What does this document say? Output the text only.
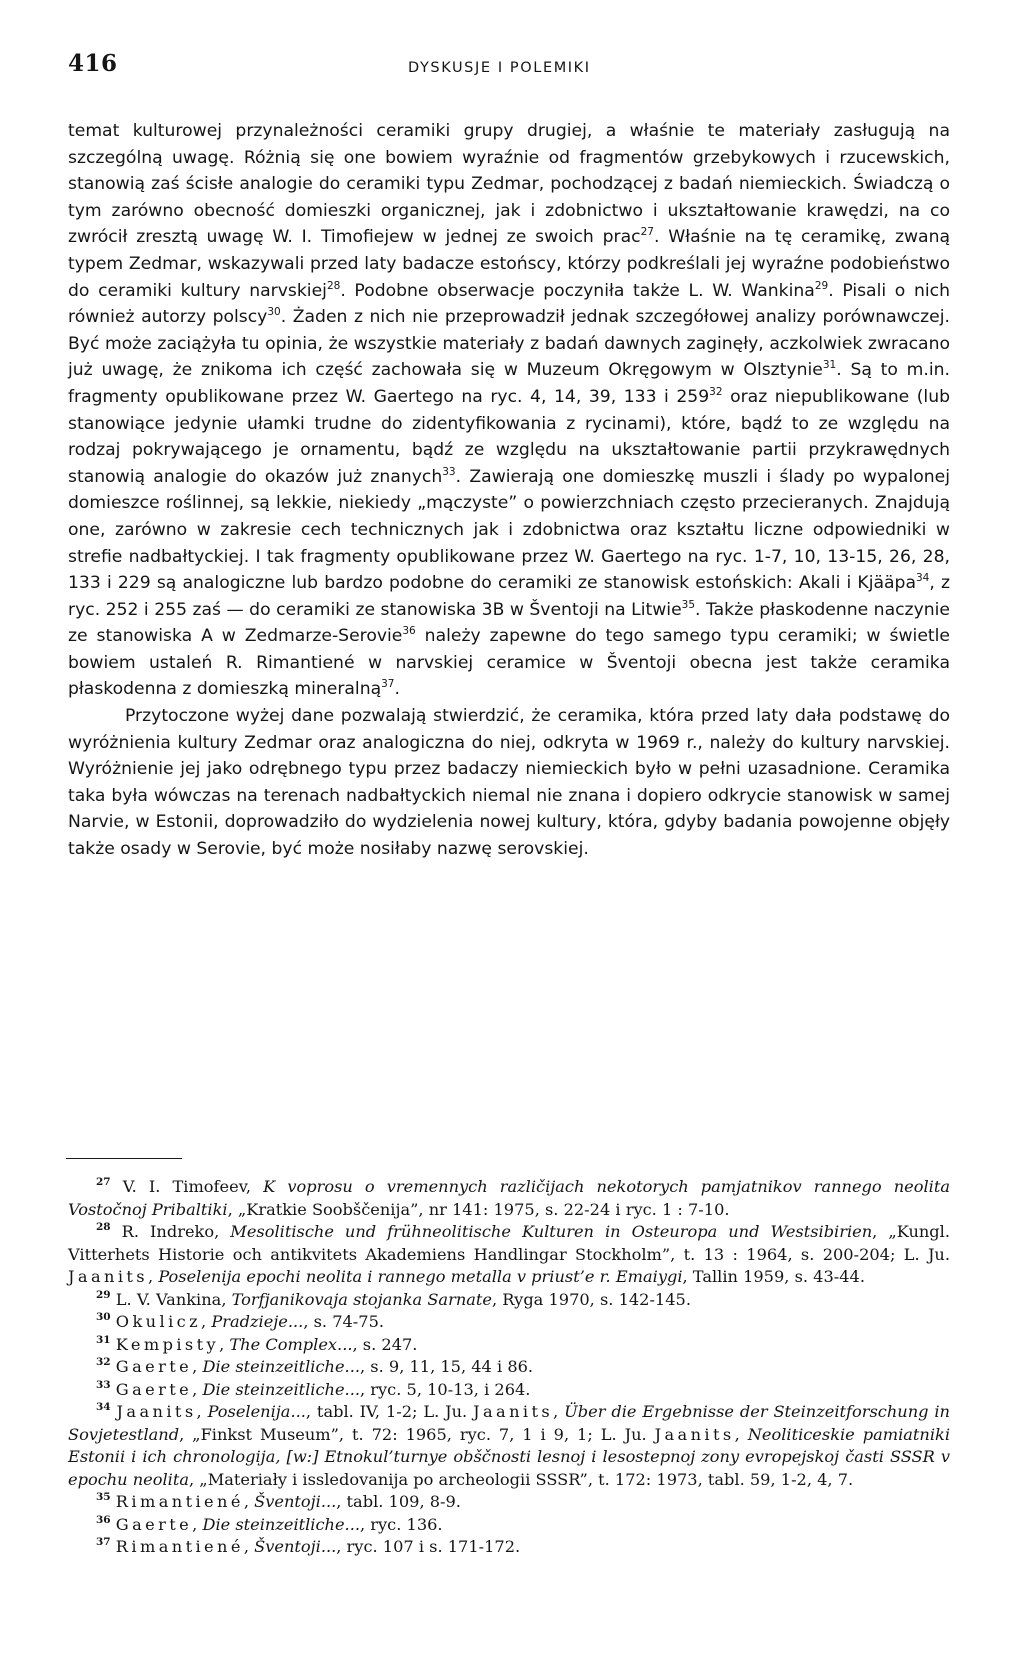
416	DYSKUSJE I POLEMIKI

temat kulturowej przynależności ceramiki grupy drugiej, a właśnie te materiały zasługują na szczególną uwagę. Różnią się one bowiem wyraźnie od fragmentów grzebykowych i rzucewskich, stanowią zaś ścisłe analogie do ceramiki typu Zedmar, pochodzącej z badań niemieckich. Świadczą o tym zarówno obecność domieszki organicznej, jak i zdobnictwo i ukształtowanie krawędzi, na co zwrócił zresztą uwagę W. I. Timofiejew w jednej ze swoich prac$^{27}$. Właśnie na tę ceramikę, zwaną typem Zedmar, wskazywali przed laty badacze estońscy, którzy podkreślali jej wyraźne podobieństwo do ceramiki kultury narvskiej$^{28}$. Podobne obserwacje poczyniła także L. W. Wankina$^{29}$. Pisali o nich również autorzy polscy$^{30}$. Żaden z nich nie przeprowadził jednak szczegółowej analizy porównawczej. Być może zaciążyła tu opinia, że wszystkie materiały z badań dawnych zaginęły, aczkolwiek zwracano już uwagę, że znikoma ich część zachowała się w Muzeum Okręgowym w Olsztynie$^{31}$. Są to m.in. fragmenty opublikowane przez W. Gaertego na ryc. 4, 14, 39, 133 i $259^{32}$ oraz niepublikowane (lub stanowiące jedynie ułamki trudne do zidentyfikowania z rycinami), które, bądź to ze względu na rodzaj pokrywającego je ornamentu, bądź ze względu na ukształtowanie partii przykrawędnych stanowią analogie do okazów już znanych$^{33}$. Zawierają one domieszkę muszli i ślady po wypalonej domieszce roślinnej, są lekkie, niekiedy „mączyste” o powierzchniach często przecieranych. Znajdują one, zarówno w zakresie cech technicznych jak i zdobnictwa oraz kształtu liczne odpowiedniki w strefie nadbałtyckiej. I tak fragmenty opublikowane przez W. Gaertego na ryc. 1-7, 10, 13-15, 26, 28, 133 i 229 są analogiczne lub bardzo podobne do ceramiki ze stanowisk estońskich: Akali i Kjääpa$^{34}$, z ryc. 252 i 255 zaś — do ceramiki ze stanowiska 3B w Šventoji na Litwie$^{35}$. Także płaskodenne naczynie ze stanowiska A w Zedmarze-Serovie$^{36}$ należy zapewne do tego samego typu ceramiki; w świetle bowiem ustaleń R. Rimantiené w narvskiej ceramice w Šventoji obecna jest także ceramika płaskodenna z domieszką mineralną$^{37}$.

Przytoczone wyżej dane pozwalają stwierdzić, że ceramika, która przed laty dała podstawę do wyróżnienia kultury Zedmar oraz analogiczna do niej, odkryta w 1969 r., należy do kultury narvskiej. Wyróżnienie jej jako odrębnego typu przez badaczy niemieckich było w pełni uzasadnione. Ceramika taka była wówczas na terenach nadbałtyckich niemal nie znana i dopiero odkrycie stanowisk w samej Narvie, w Estonii, doprowadziło do wydzielenia nowej kultury, która, gdyby badania powojenne objęły także osady w Serovie, być może nosiłaby nazwę serovskiej.

$^{27}$ V. I. Timofeev, K voprosu o vremennych različijach nekotorych pamjatnikov rannego neolita Vostočnoj Pribaltiki, „Kratkie Soobščenija”, nr 141: 1975, s. 22-24 i ryc. 1 : 7-10.

$^{28}$ R. Indreko, Mesolitische und frühneolitische Kulturen in Osteuropa und Westsibirien, „Kungl. Vitterhets Historie och antikvitets Akademiens Handlingar Stockholm”, t. 13 : 1964, s. 200-204; L. Ju. Jaanits, Poselenija epochi neolita i rannego metalla v priust’e r. Emaiygi, Tallin 1959, s. 43-44.

$^{29}$ L. V. Vankina, Torfjanikovaja stojanka Sarnate, Ryga 1970, s. 142-145.

$^{30}$ Okulicz, Pradzieje..., s. 74-75.

$^{31}$ Kempisty, The Complex..., s. 247.

$^{32}$ Gaerte, Die steinzeitliche..., s. 9, 11, 15, 44 i 86.

$^{33}$ Gaerte, Die steinzeitliche..., ryc. 5, 10-13, i 264.

$^{34}$ Jaanits, Poselenija..., tabl. IV, 1-2; L. Ju. Jaanits, Über die Ergebnisse der Steinzeitforschung in Sovjetestland, „Finkst Museum”, t. 72: 1965, ryc. 7, 1 i 9, 1; L. Ju. Jaanits, Neoliticeskie pamiatniki Estonii i ich chronologija, [w:] Etnokul’turnye obščnosti lesnoj i lesostepnoj zony evropejskoj časti SSSR v epochu neolita, „Materiały i issledovanija po archeologii SSSR”, t. 172: 1973, tabl. 59, 1-2, 4, 7.

$^{35}$ Rimantiené, Šventoji..., tabl. 109, 8-9.

$^{36}$ Gaerte, Die steinzeitliche..., ryc. 136.

$^{37}$ Rimantiené, Šventoji..., ryc. 107 i s. 171-172.
